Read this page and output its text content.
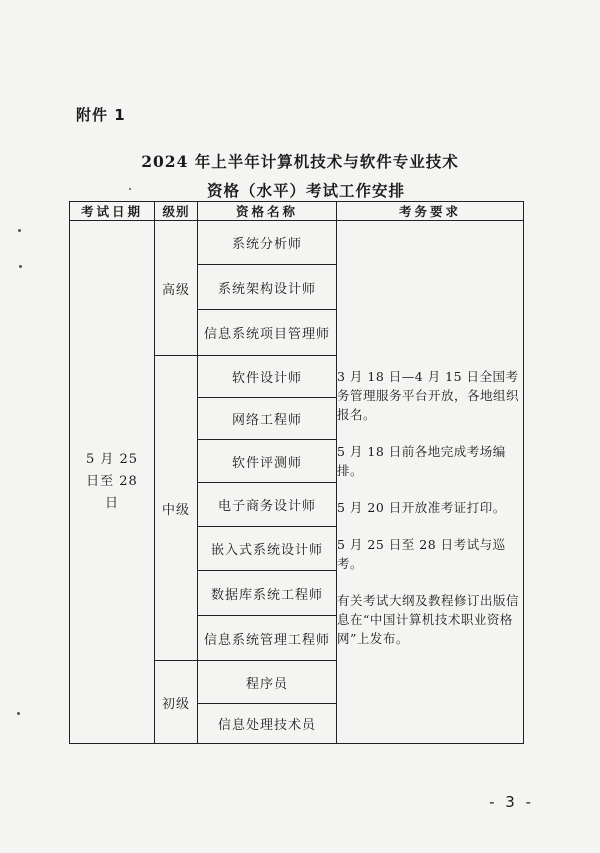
附件 1
2024 年上半年计算机技术与软件专业技术
资格（水平）考试工作安排
考试日期	级别	资格名称	考务要求

5 月 25 日至 28 日	高级	系统分析师	3 月 18 日—4 月 15 日全国考务管理服务平台开放，各地组织报名。

5 月 18 日前各地完成考场编排。

5 月 20 日开放准考证打印。

5 月 25 日至 28 日考试与巡考。

有关考试大纲及教程修订出版信息在“中国计算机技术职业资格网”上发布。

		系统架构设计师	
		信息系统项目管理师	
	中级	软件设计师	
		网络工程师	
		软件评测师	
		电子商务设计师	
		嵌入式系统设计师	
		数据库系统工程师	
		信息系统管理工程师	
	初级	程序员	
		信息处理技术员	
- 3 -
